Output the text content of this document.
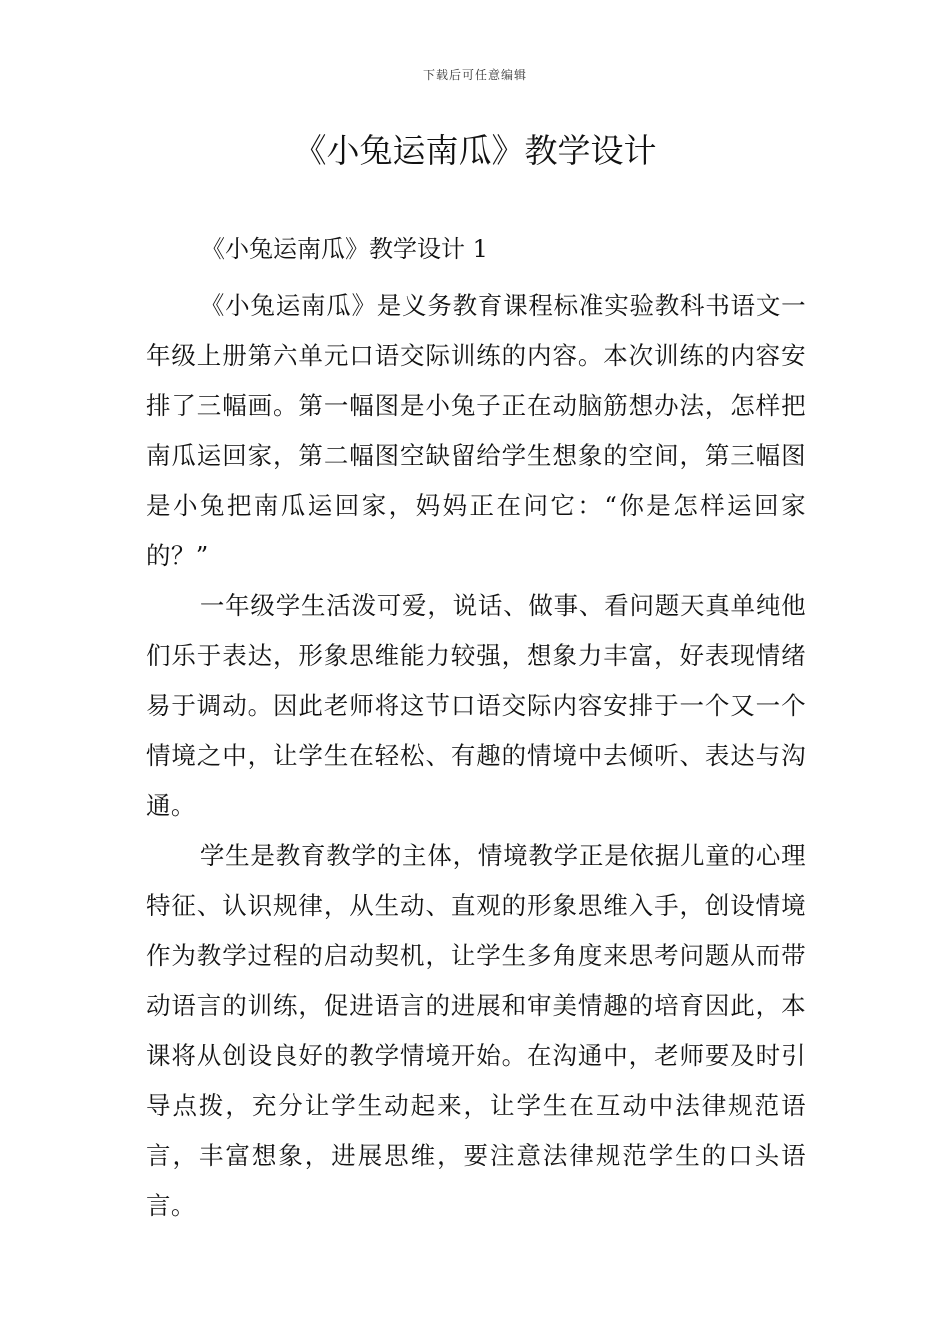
下载后可任意编辑
《小兔运南瓜》教学设计

《小兔运南瓜》教学设计 1

《小兔运南瓜》是义务教育课程标准实验教科书语文一年级上册第六单元口语交际训练的内容。本次训练的内容安排了三幅画。第一幅图是小兔子正在动脑筋想办法，怎样把南瓜运回家，第二幅图空缺留给学生想象的空间，第三幅图是小兔把南瓜运回家，妈妈正在问它：“你是怎样运回家的？”

一年级学生活泼可爱，说话、做事、看问题天真单纯他们乐于表达，形象思维能力较强，想象力丰富，好表现情绪易于调动。因此老师将这节口语交际内容安排于一个又一个情境之中，让学生在轻松、有趣的情境中去倾听、表达与沟通。

学生是教育教学的主体，情境教学正是依据儿童的心理特征、认识规律，从生动、直观的形象思维入手，创设情境作为教学过程的启动契机，让学生多角度来思考问题从而带动语言的训练，促进语言的进展和审美情趣的培育因此，本课将从创设良好的教学情境开始。在沟通中，老师要及时引导点拨，充分让学生动起来，让学生在互动中法律规范语言，丰富想象，进展思维，要注意法律规范学生的口头语言。
